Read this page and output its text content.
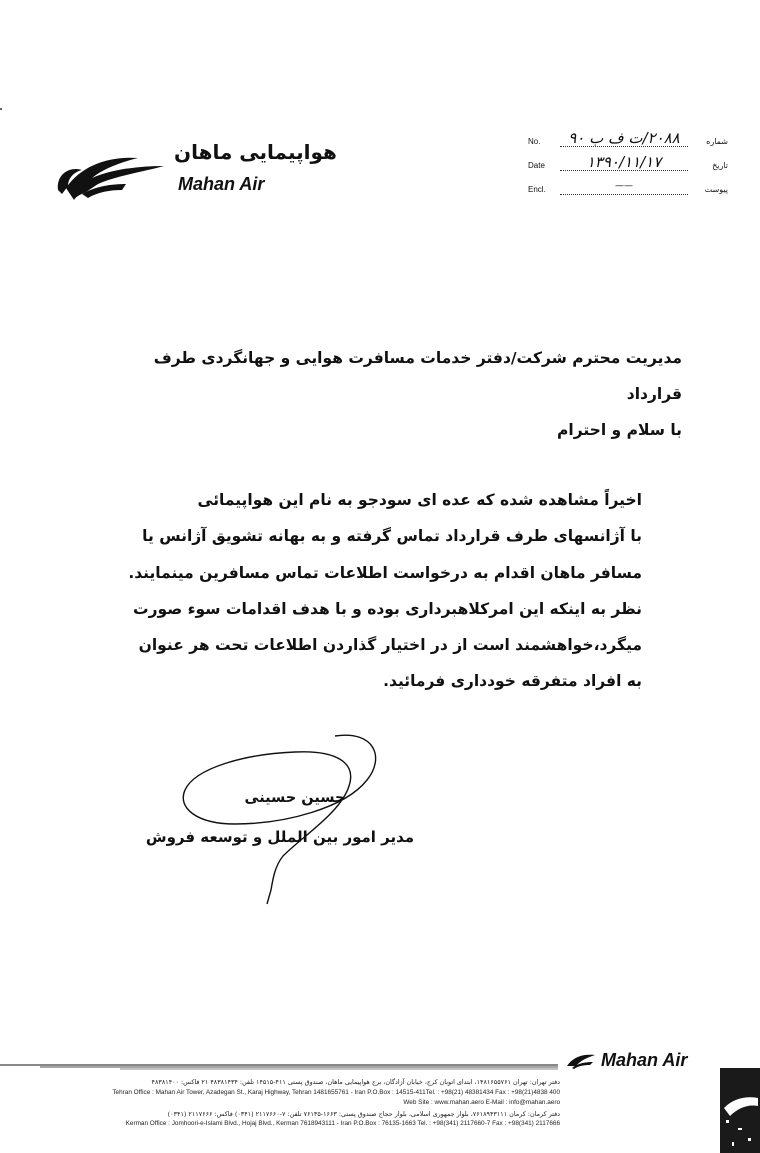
هواپیمایی ماهان
Mahan Air
No.	۲۰۸۸/ت ف ب ۹۰	شماره
Date	۱۳۹۰/۱۱/۱۷	تاریخ
Encl.	——	پیوست
مدیریت محترم شرکت/دفتر خدمات مسافرت هوایی و جهانگردی طرف قرارداد
با سلام و احترام

اخیراً مشاهده شده که عده ای سودجو به نام این هواپیمائی

با آژانسهای طرف قرارداد تماس گرفته و به بهانه تشویق آژانس یا

مسافر ماهان اقدام به درخواست اطلاعات تماس مسافرین مینمایند.

نظر به اینکه این امرکلاهبرداری بوده و با هدف اقدامات سوء صورت

میگرد،خواهشمند است از در اختیار گذاردن اطلاعات تحت هر عنوان

به افراد متفرقه خودداری فرمائید.

حسین حسینی
مدیر امور بین الملل و توسعه فروش
Mahan Air
دفتر تهران: تهران ۱۴۸۱۶۵۵۷۶۱، ابتدای اتوبان کرج، خیابان آزادگان، برج هواپیمایی ماهان، صندوق پستی ۴۱۱-۱۴۵۱۵ تلفن: ۴۸۳۸۱۴۳۴ ۲۱ فاکس: ۴۸۳۸۱۴۰۰
Tehran Office : Mahan Air Tower, Azadegan St., Karaj Highway, Tehran 1481655761 - Iran P.O.Box : 14515-411Tel. : +98(21) 48381434 Fax : +98(21)4838 400
Web Site : www.mahan.aero E-Mail : info@mahan.aero
دفتر کرمان: کرمان ۷۶۱۸۹۴۳۱۱۱، بلوار جمهوری اسلامی، بلوار حجاج صندوق پستی: ۱۶۶۳-۷۶۱۳۵ تلفن: ۷-۲۱۱۷۶۶۰ (۰۳۴۱) فاکس: ۲۱۱۷۶۶۶ (۰۳۴۱)
Kerman Office : Jomhoori-e-Islami Blvd., Hojaj Blvd., Kerman 7618943111 - Iran P.O.Box : 76135-1663 Tel. : +98(341) 2117660-7 Fax : +98(341) 2117666
